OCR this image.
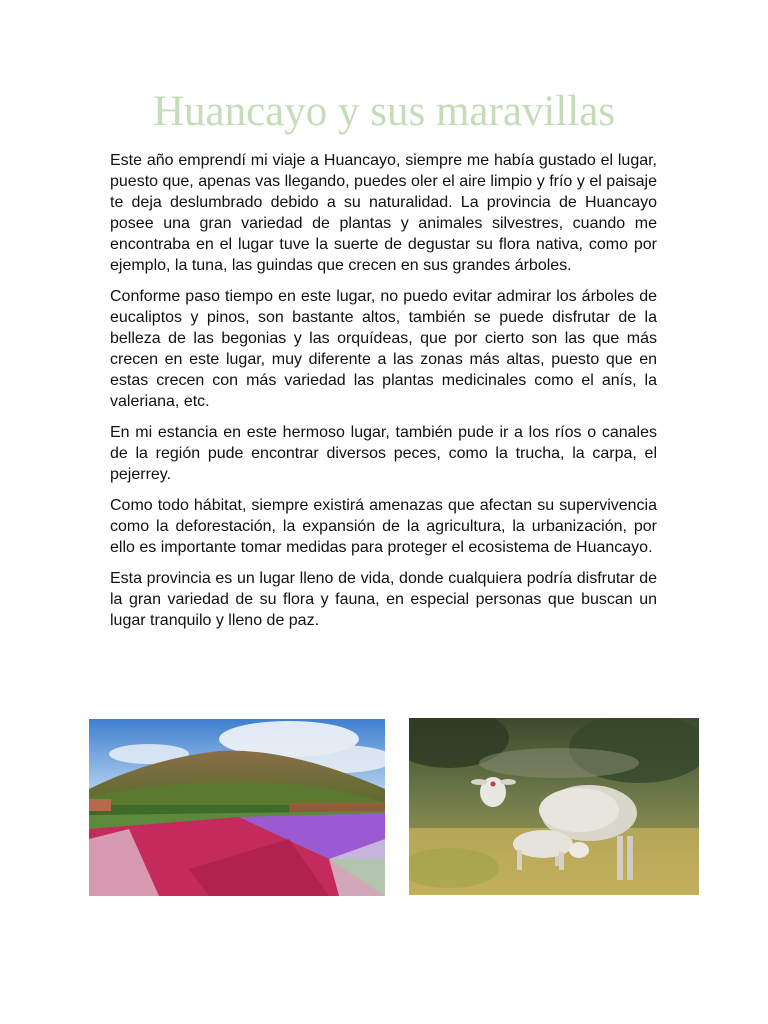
Huancayo y sus maravillas

Este año emprendí mi viaje a Huancayo, siempre me había gustado el lugar, puesto que, apenas vas llegando, puedes oler el aire limpio y frío y el paisaje te deja deslumbrado debido a su naturalidad. La provincia de Huancayo posee una gran variedad de plantas y animales silvestres, cuando me encontraba en el lugar tuve la suerte de degustar su flora nativa, como por ejemplo, la tuna, las guindas que crecen en sus grandes árboles.

Conforme paso tiempo en este lugar, no puedo evitar admirar los árboles de eucaliptos y pinos, son bastante altos, también se puede disfrutar de la belleza de las begonias y las orquídeas, que por cierto son las que más crecen en este lugar, muy diferente a las zonas más altas, puesto que en estas crecen con más variedad las plantas medicinales como el anís, la valeriana, etc.

En mi estancia en este hermoso lugar, también pude ir a los ríos o canales de la región pude encontrar diversos peces, como la trucha, la carpa, el pejerrey.

Como todo hábitat, siempre existirá amenazas que afectan su supervivencia como la deforestación, la expansión de la agricultura, la urbanización, por ello es importante tomar medidas para proteger el ecosistema de Huancayo.

Esta provincia es un lugar lleno de vida, donde cualquiera podría disfrutar de la gran variedad de su flora y fauna, en especial personas que buscan un lugar tranquilo y lleno de paz.
